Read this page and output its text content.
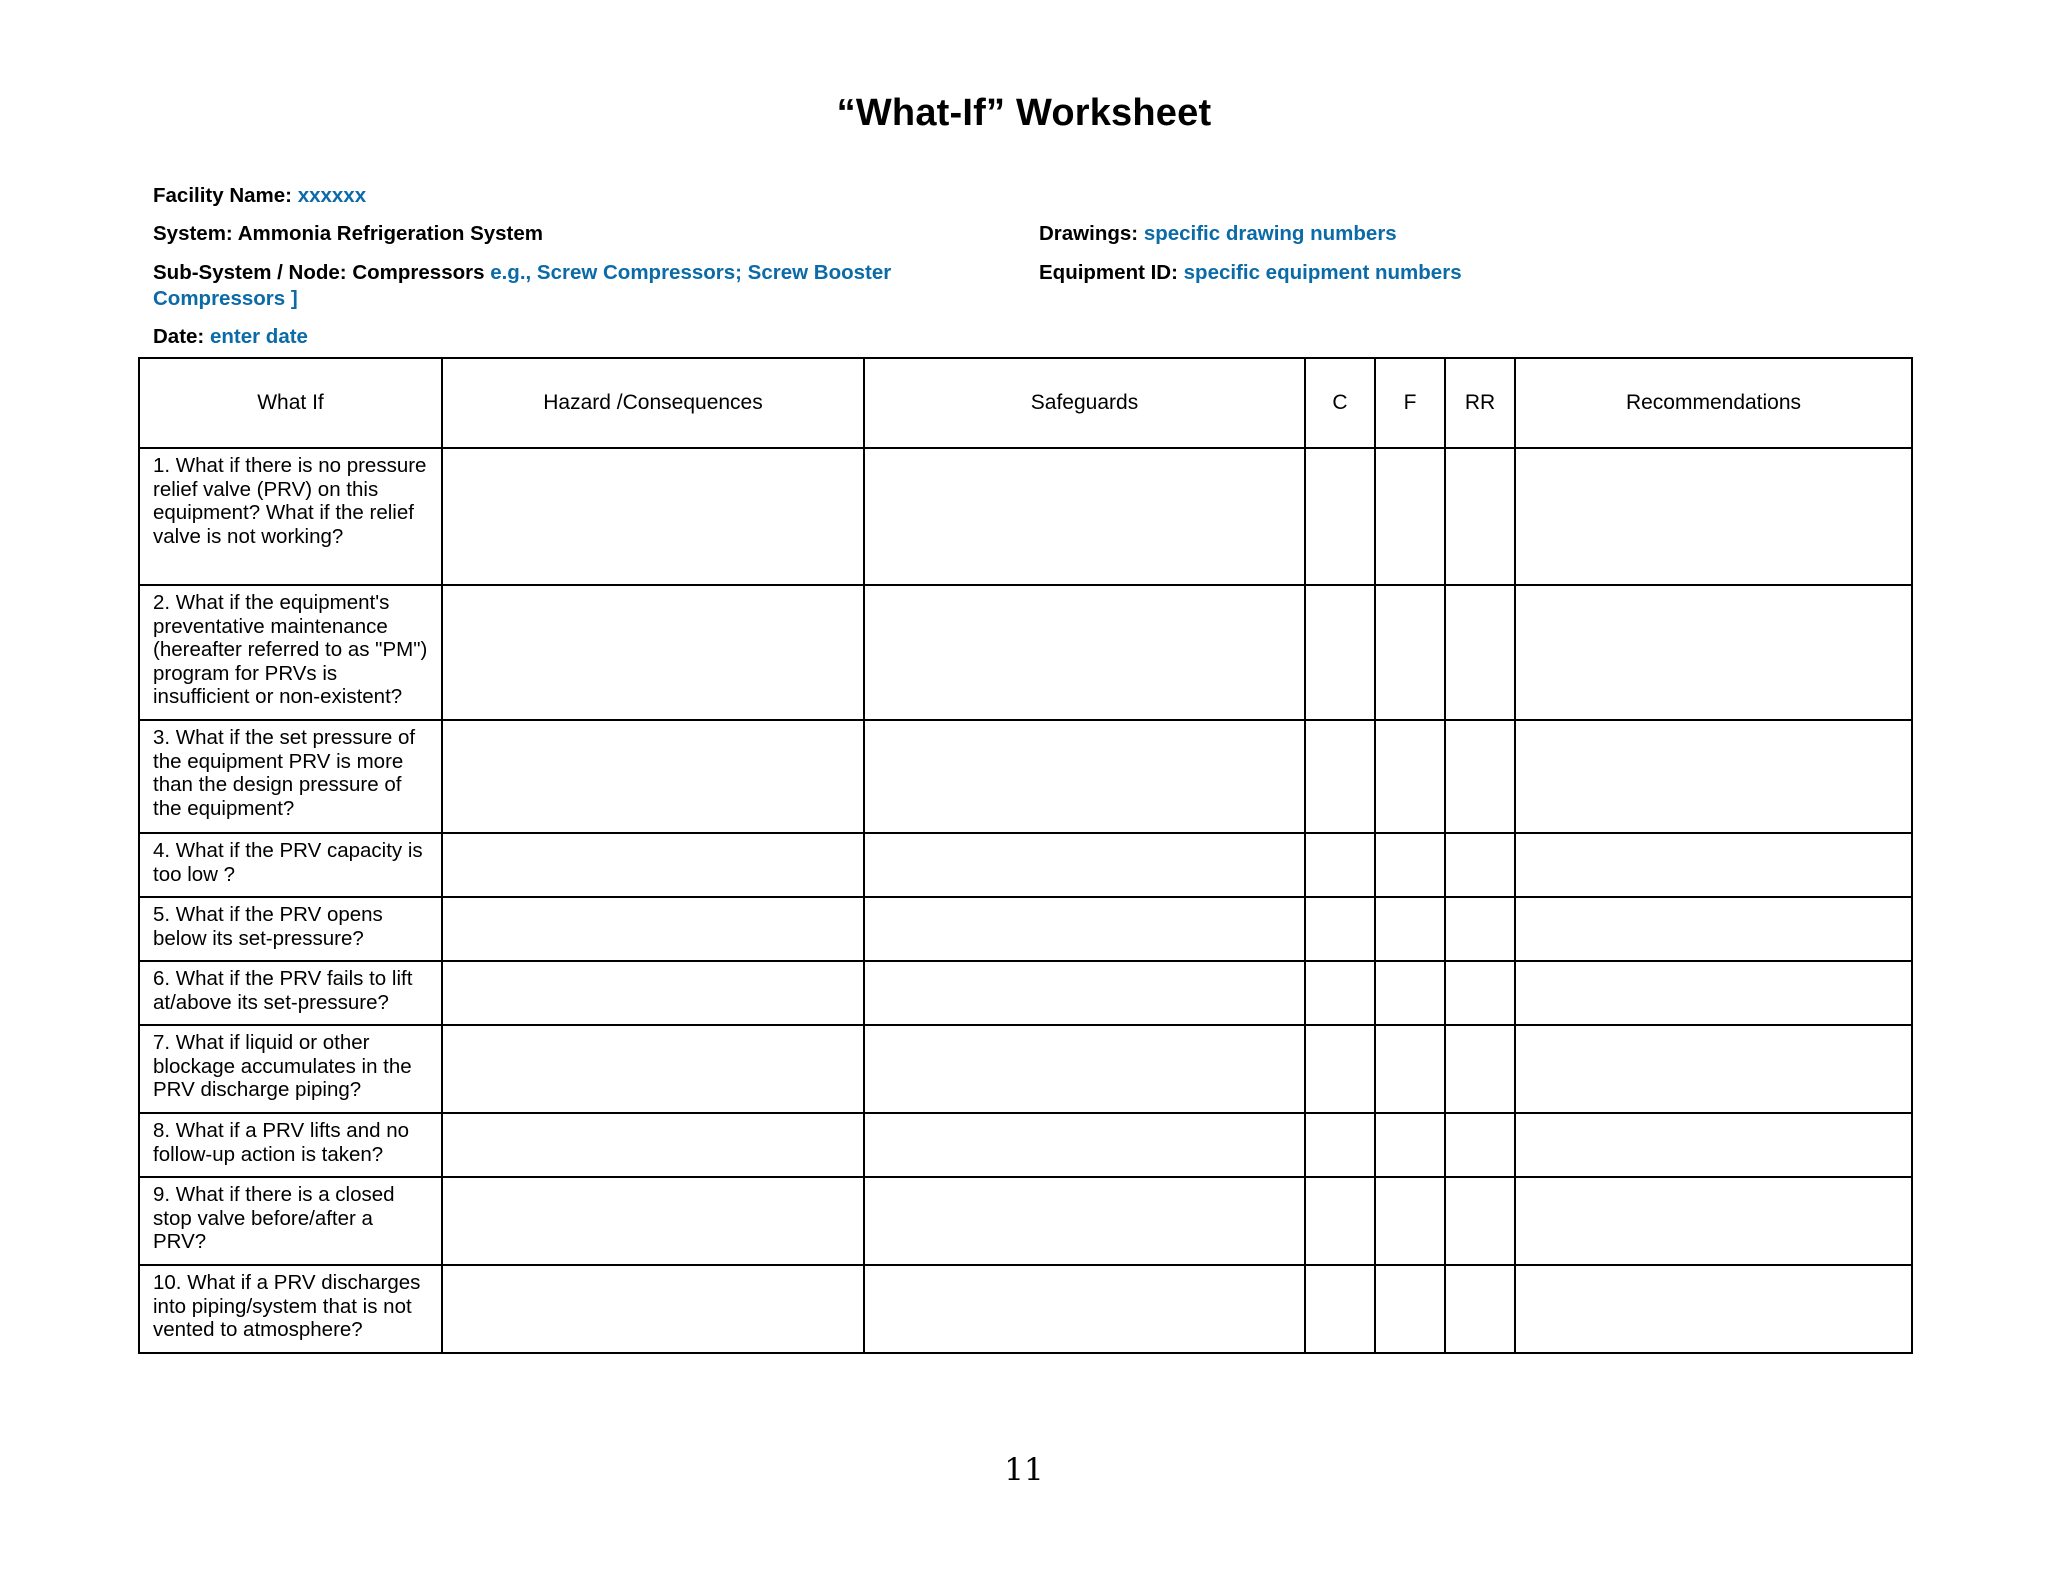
“What-If” Worksheet
Facility Name: xxxxxx
System: Ammonia Refrigeration System
Sub-System / Node: Compressors e.g., Screw Compressors; Screw Booster Compressors ]
Date: enter date
Drawings: specific drawing numbers
Equipment ID: specific equipment numbers
What If	Hazard /Consequences	Safeguards	C	F	RR	Recommendations
1. What if there is no pressure relief valve (PRV) on this equipment? What if the relief valve is not working?						
2. What if the equipment's preventative maintenance (hereafter referred to as "PM") program for PRVs is insufficient or non-existent?						
3. What if the set pressure of the equipment PRV is more than the design pressure of the equipment?						
4. What if the PRV capacity is too low ?						
5. What if the PRV opens below its set-pressure?						
6. What if the PRV fails to lift at/above its set-pressure?						
7. What if liquid or other blockage accumulates in the PRV discharge piping?						
8. What if a PRV lifts and no follow-up action is taken?						
9. What if there is a closed stop valve before/after a PRV?						
10. What if a PRV discharges into piping/system that is not vented to atmosphere?						
11
